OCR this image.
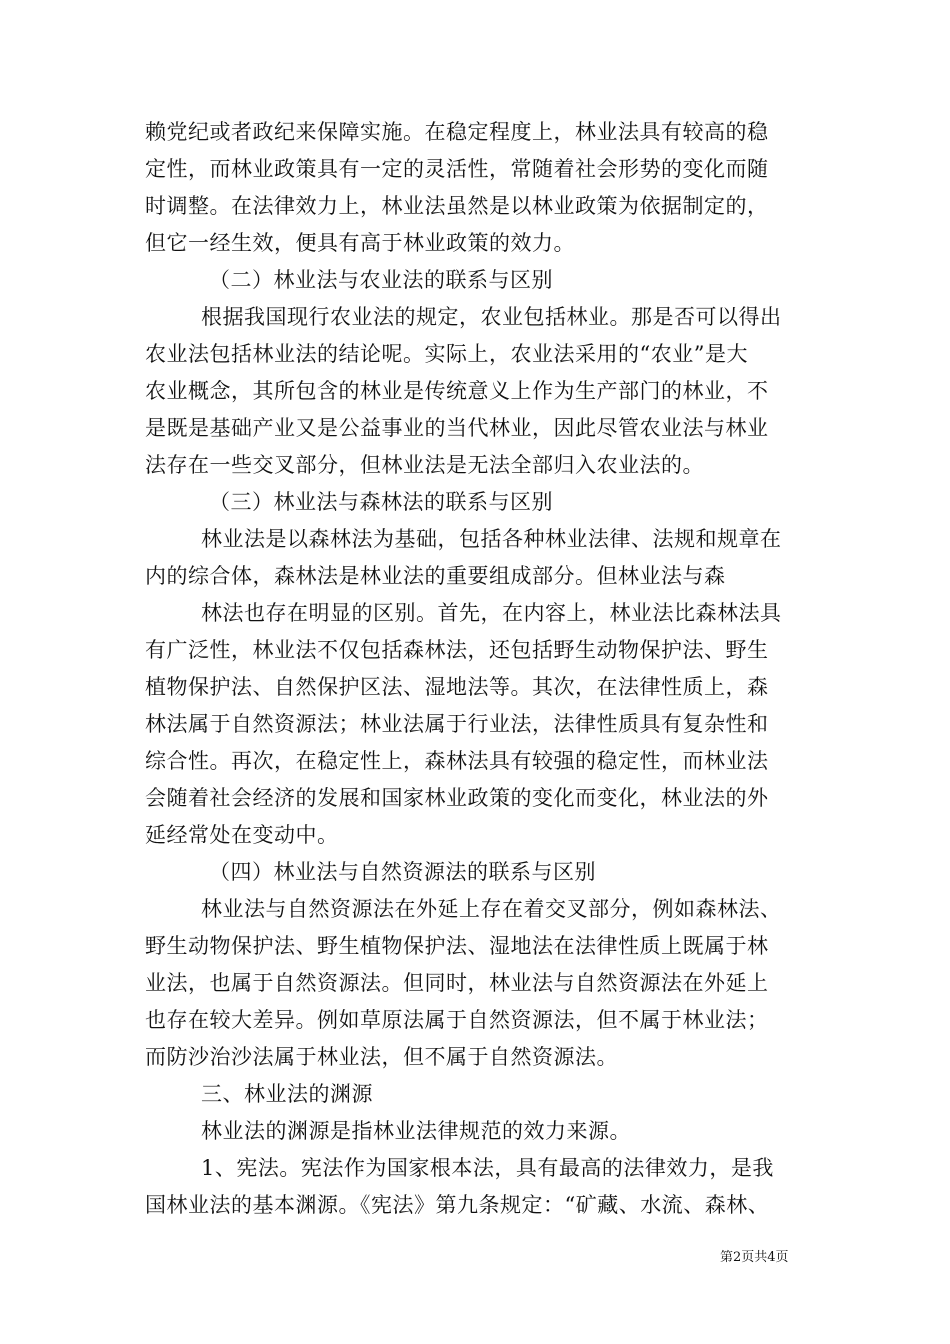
赖党纪或者政纪来保障实施。在稳定程度上，林业法具有较高的稳
定性，而林业政策具有一定的灵活性，常随着社会形势的变化而随
时调整。在法律效力上，林业法虽然是以林业政策为依据制定的，
但它一经生效，便具有高于林业政策的效力。
（二）林业法与农业法的联系与区别
根据我国现行农业法的规定，农业包括林业。那是否可以得出
农业法包括林业法的结论呢。实际上，农业法采用的“农业”是大
农业概念，其所包含的林业是传统意义上作为生产部门的林业，不
是既是基础产业又是公益事业的当代林业，因此尽管农业法与林业
法存在一些交叉部分，但林业法是无法全部归入农业法的。
（三）林业法与森林法的联系与区别
林业法是以森林法为基础，包括各种林业法律、法规和规章在
内的综合体，森林法是林业法的重要组成部分。但林业法与森
林法也存在明显的区别。首先，在内容上，林业法比森林法具
有广泛性，林业法不仅包括森林法，还包括野生动物保护法、野生
植物保护法、自然保护区法、湿地法等。其次，在法律性质上，森
林法属于自然资源法；林业法属于行业法，法律性质具有复杂性和
综合性。再次，在稳定性上，森林法具有较强的稳定性，而林业法
会随着社会经济的发展和国家林业政策的变化而变化，林业法的外
延经常处在变动中。
（四）林业法与自然资源法的联系与区别
林业法与自然资源法在外延上存在着交叉部分，例如森林法、
野生动物保护法、野生植物保护法、湿地法在法律性质上既属于林
业法，也属于自然资源法。但同时，林业法与自然资源法在外延上
也存在较大差异。例如草原法属于自然资源法，但不属于林业法；
而防沙治沙法属于林业法，但不属于自然资源法。
三、林业法的渊源
林业法的渊源是指林业法律规范的效力来源。
1、宪法。宪法作为国家根本法，具有最高的法律效力，是我
国林业法的基本渊源。《宪法》第九条规定：“矿藏、水流、森林、
第2页共4页
